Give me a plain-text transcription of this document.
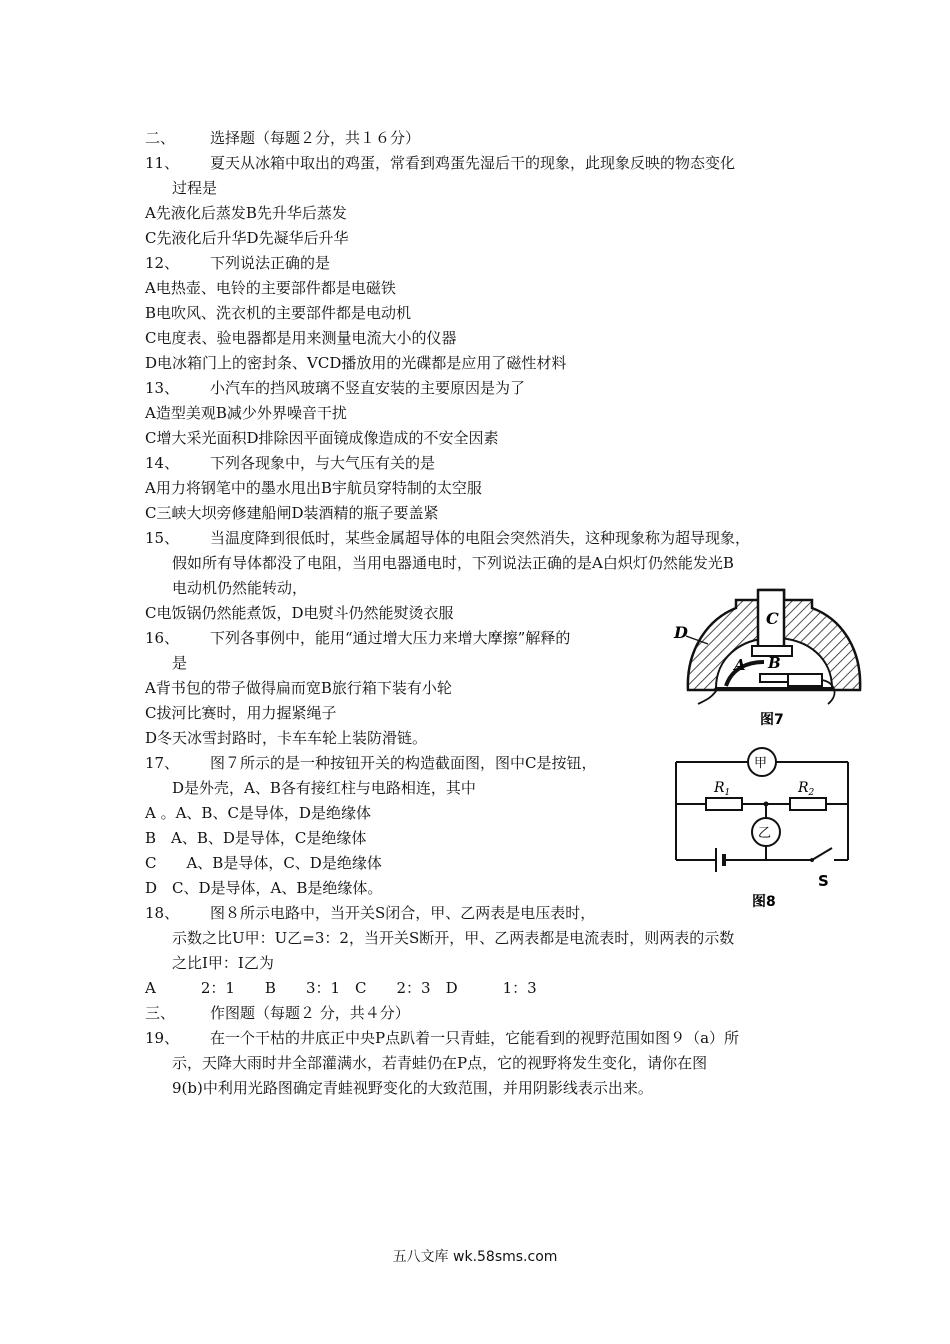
二、 选择题（每题２分，共１６分）
11、 夏天从冰箱中取出的鸡蛋，常看到鸡蛋先湿后干的现象，此现象反映的物态变化
过程是
A先液化后蒸发B先升华后蒸发
C先液化后升华D先凝华后升华
12、 下列说法正确的是
A电热壶、电铃的主要部件都是电磁铁
B电吹风、洗衣机的主要部件都是电动机
C电度表、验电器都是用来测量电流大小的仪器
D电冰箱门上的密封条、VCD播放用的光碟都是应用了磁性材料
13、 小汽车的挡风玻璃不竖直安装的主要原因是为了
A造型美观B减少外界噪音干扰
C增大采光面积D排除因平面镜成像造成的不安全因素
14、 下列各现象中，与大气压有关的是
A用力将钢笔中的墨水甩出B宇航员穿特制的太空服
C三峡大坝旁修建船闸D装酒精的瓶子要盖紧
15、 当温度降到很低时，某些金属超导体的电阻会突然消失，这种现象称为超导现象，
假如所有导体都没了电阻，当用电器通电时，下列说法正确的是A白炽灯仍然能发光B
电动机仍然能转动，
C电饭锅仍然能煮饭，D电熨斗仍然能熨烫衣服
16、 下列各事例中，能用“通过增大压力来增大摩擦”解释的
是
A背书包的带子做得扁而宽B旅行箱下装有小轮
C拔河比赛时，用力握紧绳子
D冬天冰雪封路时，卡车车轮上装防滑链。
17、 图７所示的是一种按钮开关的构造截面图，图中C是按钮，
D是外壳，A、B各有接红柱与电路相连，其中
A 。A、B、C是导体，D是绝缘体
B　A、B、D是导体，C是绝缘体
C　　A、B是导体，C、D是绝缘体
D　C、D是导体，A、B是绝缘体。
18、 图８所示电路中，当开关S闭合，甲、乙两表是电压表时，
示数之比U甲：U乙=3：2，当开关S断开，甲、乙两表都是电流表时，则两表的示数
之比I甲：I乙为
A　　　2：1　　B　　3：1　C　　2：3　D　　　1：3
三、 作图题（每题２ 分，共４分）
19、 在一个干枯的井底正中央P点趴着一只青蛙，它能看到的视野范围如图９（a）所
示，天降大雨时井全部灌满水，若青蛙仍在P点，它的视野将发生变化，请你在图
9(b)中利用光路图确定青蛙视野变化的大致范围，并用阴影线表示出来。
C
D
A B
图7
甲
乙
$R_1$	$R_2$
S
图8
五八文库 wk.58sms.com
